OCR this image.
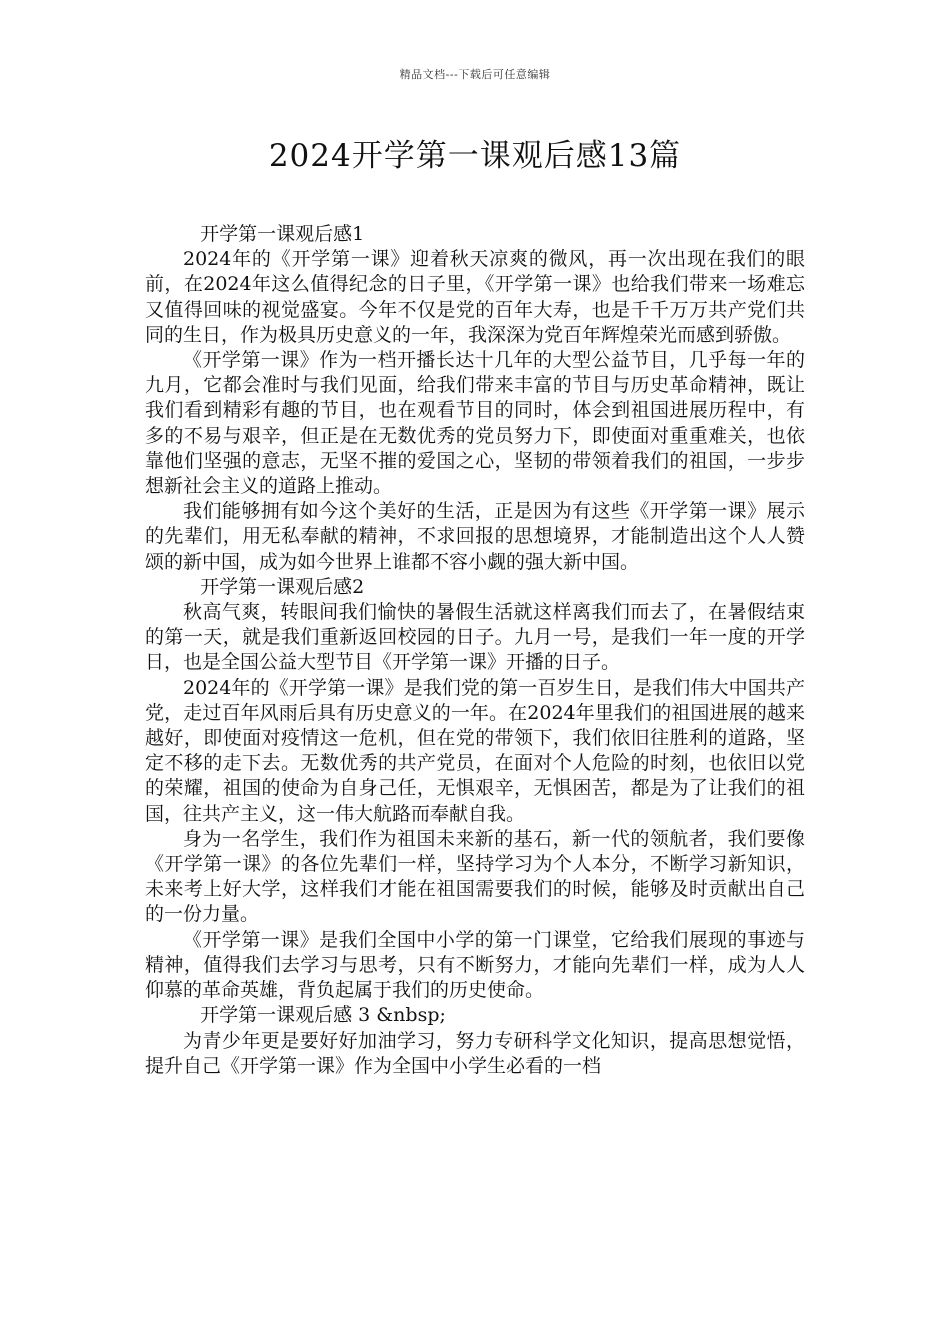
精品文档---下载后可任意编辑
2024开学第一课观后感13篇

开学第一课观后感1

2024年的《开学第一课》迎着秋天凉爽的微风，再一次出现在我们的眼前，在2024年这么值得纪念的日子里，《开学第一课》也给我们带来一场难忘又值得回味的视觉盛宴。今年不仅是党的百年大寿，也是千千万万共产党们共同的生日，作为极具历史意义的一年，我深深为党百年辉煌荣光而感到骄傲。

《开学第一课》作为一档开播长达十几年的大型公益节目，几乎每一年的九月，它都会准时与我们见面，给我们带来丰富的节目与历史革命精神，既让我们看到精彩有趣的节目，也在观看节目的同时，体会到祖国进展历程中，有多的不易与艰辛，但正是在无数优秀的党员努力下，即使面对重重难关，也依靠他们坚强的意志，无坚不摧的爱国之心，坚韧的带领着我们的祖国，一步步想新社会主义的道路上推动。

我们能够拥有如今这个美好的生活，正是因为有这些《开学第一课》展示的先辈们，用无私奉献的精神，不求回报的思想境界，才能制造出这个人人赞颂的新中国，成为如今世界上谁都不容小觑的强大新中国。

开学第一课观后感2

秋高气爽，转眼间我们愉快的暑假生活就这样离我们而去了，在暑假结束的第一天，就是我们重新返回校园的日子。九月一号，是我们一年一度的开学日，也是全国公益大型节目《开学第一课》开播的日子。

2024年的《开学第一课》是我们党的第一百岁生日，是我们伟大中国共产党，走过百年风雨后具有历史意义的一年。在2024年里我们的祖国进展的越来越好，即使面对疫情这一危机，但在党的带领下，我们依旧往胜利的道路，坚定不移的走下去。无数优秀的共产党员，在面对个人危险的时刻，也依旧以党的荣耀，祖国的使命为自身己任，无惧艰辛，无惧困苦，都是为了让我们的祖国，往共产主义，这一伟大航路而奉献自我。

身为一名学生，我们作为祖国未来新的基石，新一代的领航者，我们要像《开学第一课》的各位先辈们一样，坚持学习为个人本分，不断学习新知识，未来考上好大学，这样我们才能在祖国需要我们的时候，能够及时贡献出自己的一份力量。

《开学第一课》是我们全国中小学的第一门课堂，它给我们展现的事迹与精神，值得我们去学习与思考，只有不断努力，才能向先辈们一样，成为人人仰慕的革命英雄，背负起属于我们的历史使命。

开学第一课观后感 3 &nbsp;

为青少年更是要好好加油学习，努力专研科学文化知识，提高思想觉悟，提升自己《开学第一课》作为全国中小学生必看的一档
